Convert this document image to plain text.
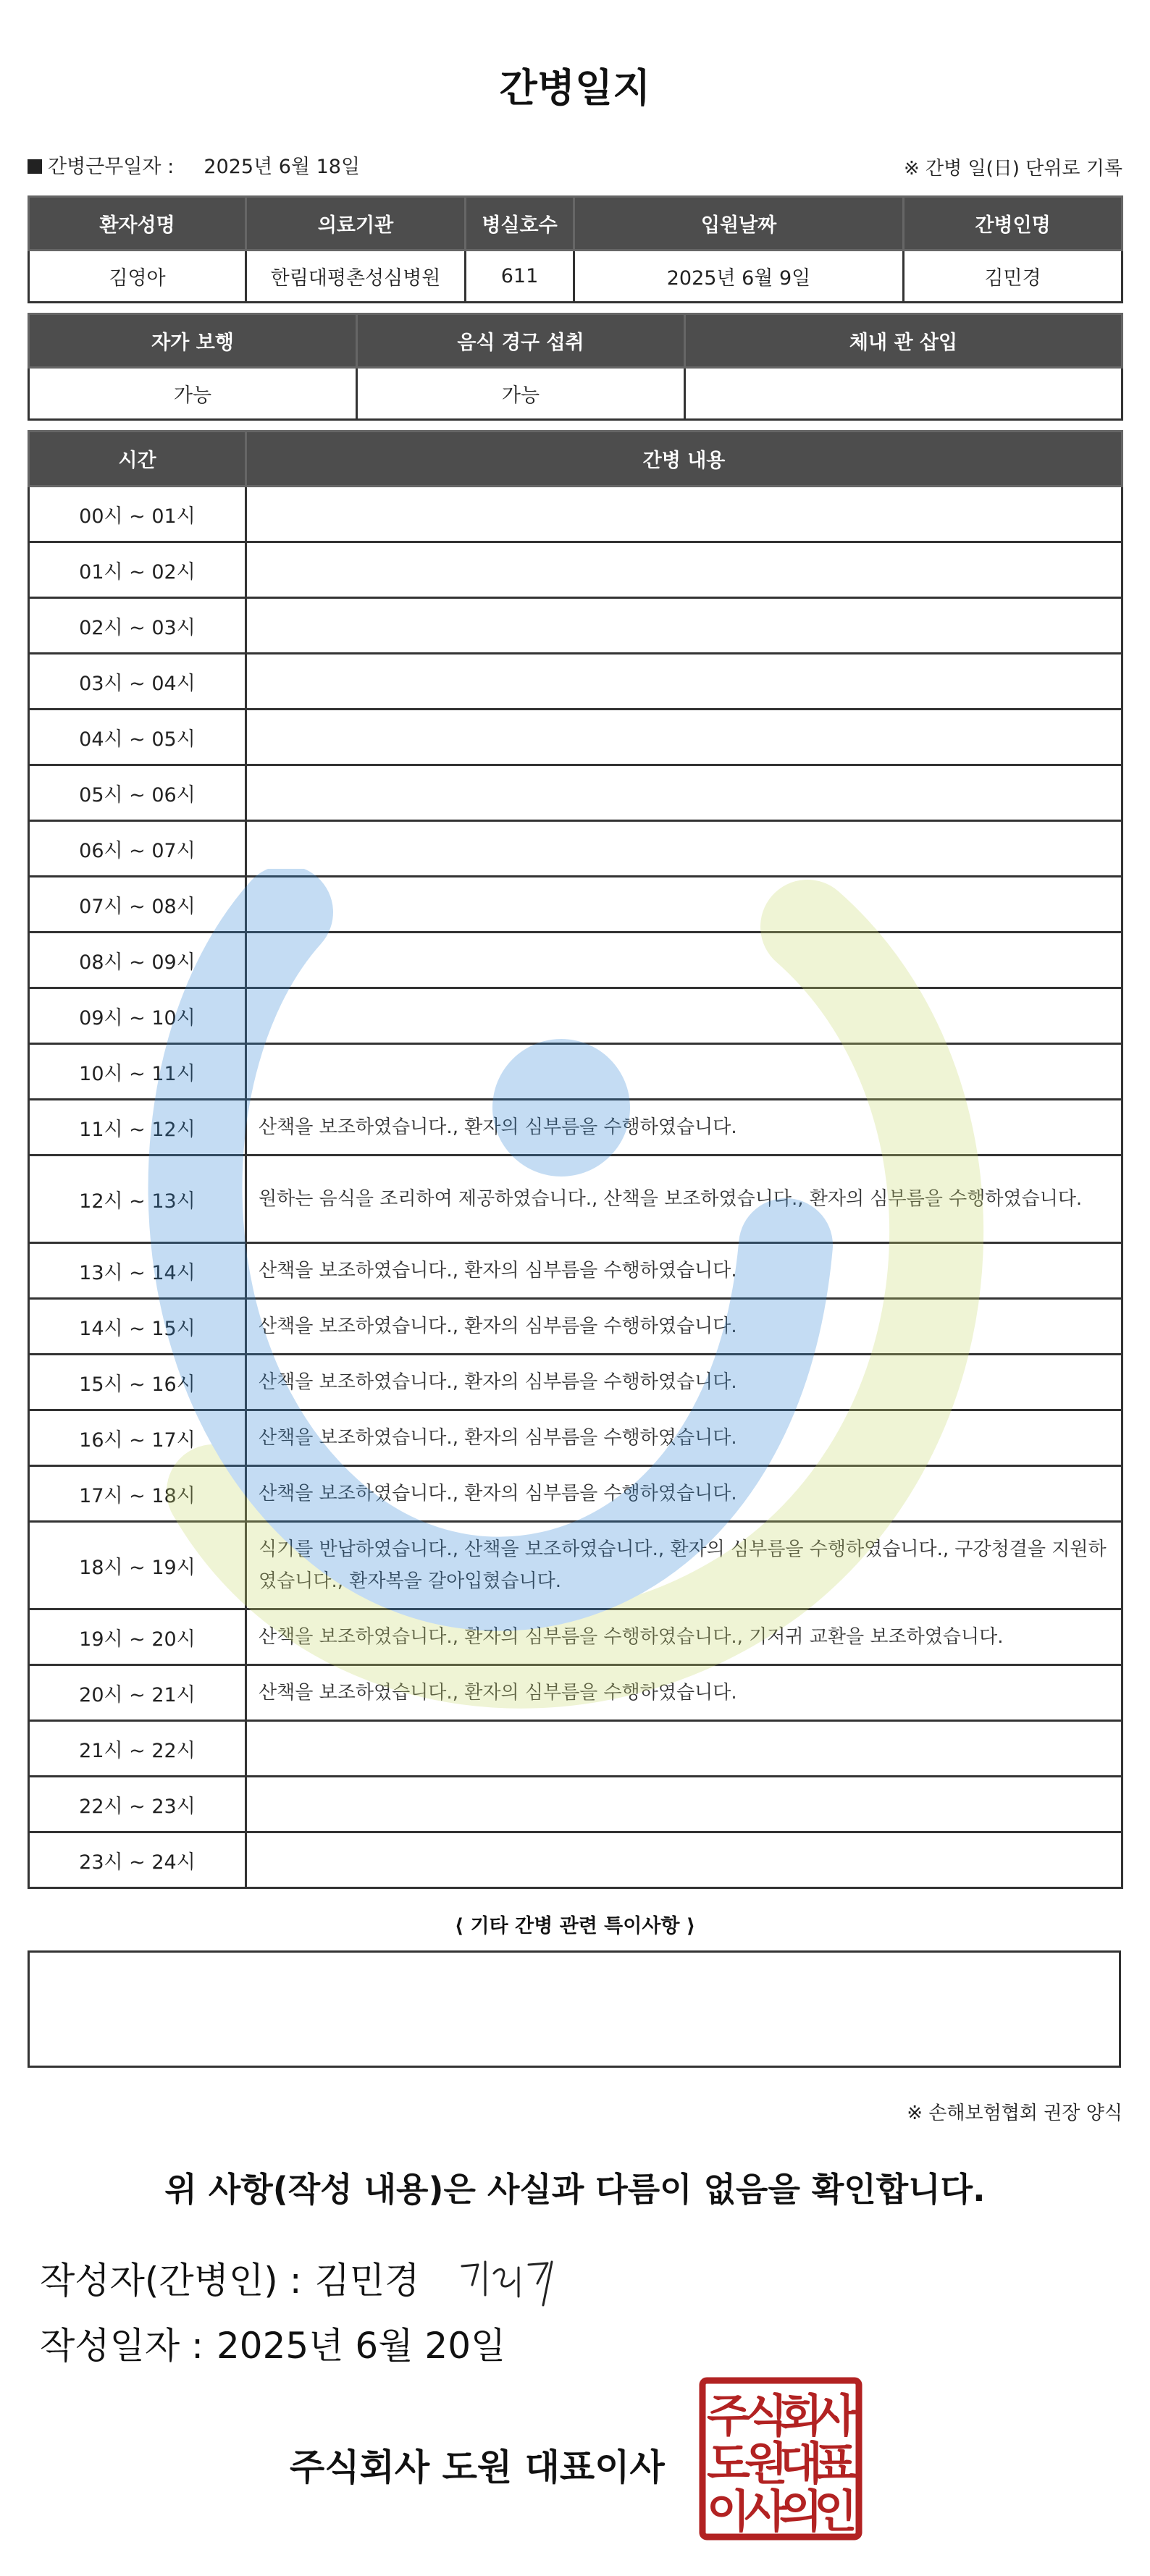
간병일지
간병근무일자 : 2025년 6월 18일	※ 간병 일(日) 단위로 기록
환자성명	의료기관	병실호수	입원날짜	간병인명
김영아	한림대평촌성심병원	611	2025년 6월 9일	김민경
자가 보행	음식 경구 섭취	체내 관 삽입
가능	가능	
시간	간병 내용
00시 ~ 01시	
01시 ~ 02시	
02시 ~ 03시	
03시 ~ 04시	
04시 ~ 05시	
05시 ~ 06시	
06시 ~ 07시	
07시 ~ 08시	
08시 ~ 09시	
09시 ~ 10시	
10시 ~ 11시	
11시 ~ 12시	산책을 보조하였습니다., 환자의 심부름을 수행하였습니다.
12시 ~ 13시	원하는 음식을 조리하여 제공하였습니다., 산책을 보조하였습니다., 환자의 심부름을 수행하였습니다.
13시 ~ 14시	산책을 보조하였습니다., 환자의 심부름을 수행하였습니다.
14시 ~ 15시	산책을 보조하였습니다., 환자의 심부름을 수행하였습니다.
15시 ~ 16시	산책을 보조하였습니다., 환자의 심부름을 수행하였습니다.
16시 ~ 17시	산책을 보조하였습니다., 환자의 심부름을 수행하였습니다.
17시 ~ 18시	산책을 보조하였습니다., 환자의 심부름을 수행하였습니다.
18시 ~ 19시	식기를 반납하였습니다., 산책을 보조하였습니다., 환자의 심부름을 수행하였습니다., 구강청결을 지원하였습니다., 환자복을 갈아입혔습니다.
19시 ~ 20시	산책을 보조하였습니다., 환자의 심부름을 수행하였습니다., 기저귀 교환을 보조하였습니다.
20시 ~ 21시	산책을 보조하였습니다., 환자의 심부름을 수행하였습니다.
21시 ~ 22시	
22시 ~ 23시	
23시 ~ 24시	
⟨ 기타 간병 관련 특이사항 ⟩
※ 손해보험협회 권장 양식
위 사항(작성 내용)은 사실과 다름이 없음을 확인합니다.
작성자(간병인) : 김민경
작성일자 : 2025년 6월 20일
주식회사 도원 대표이사
주
식
회
사
도
원
대
표
이
사
의
인
